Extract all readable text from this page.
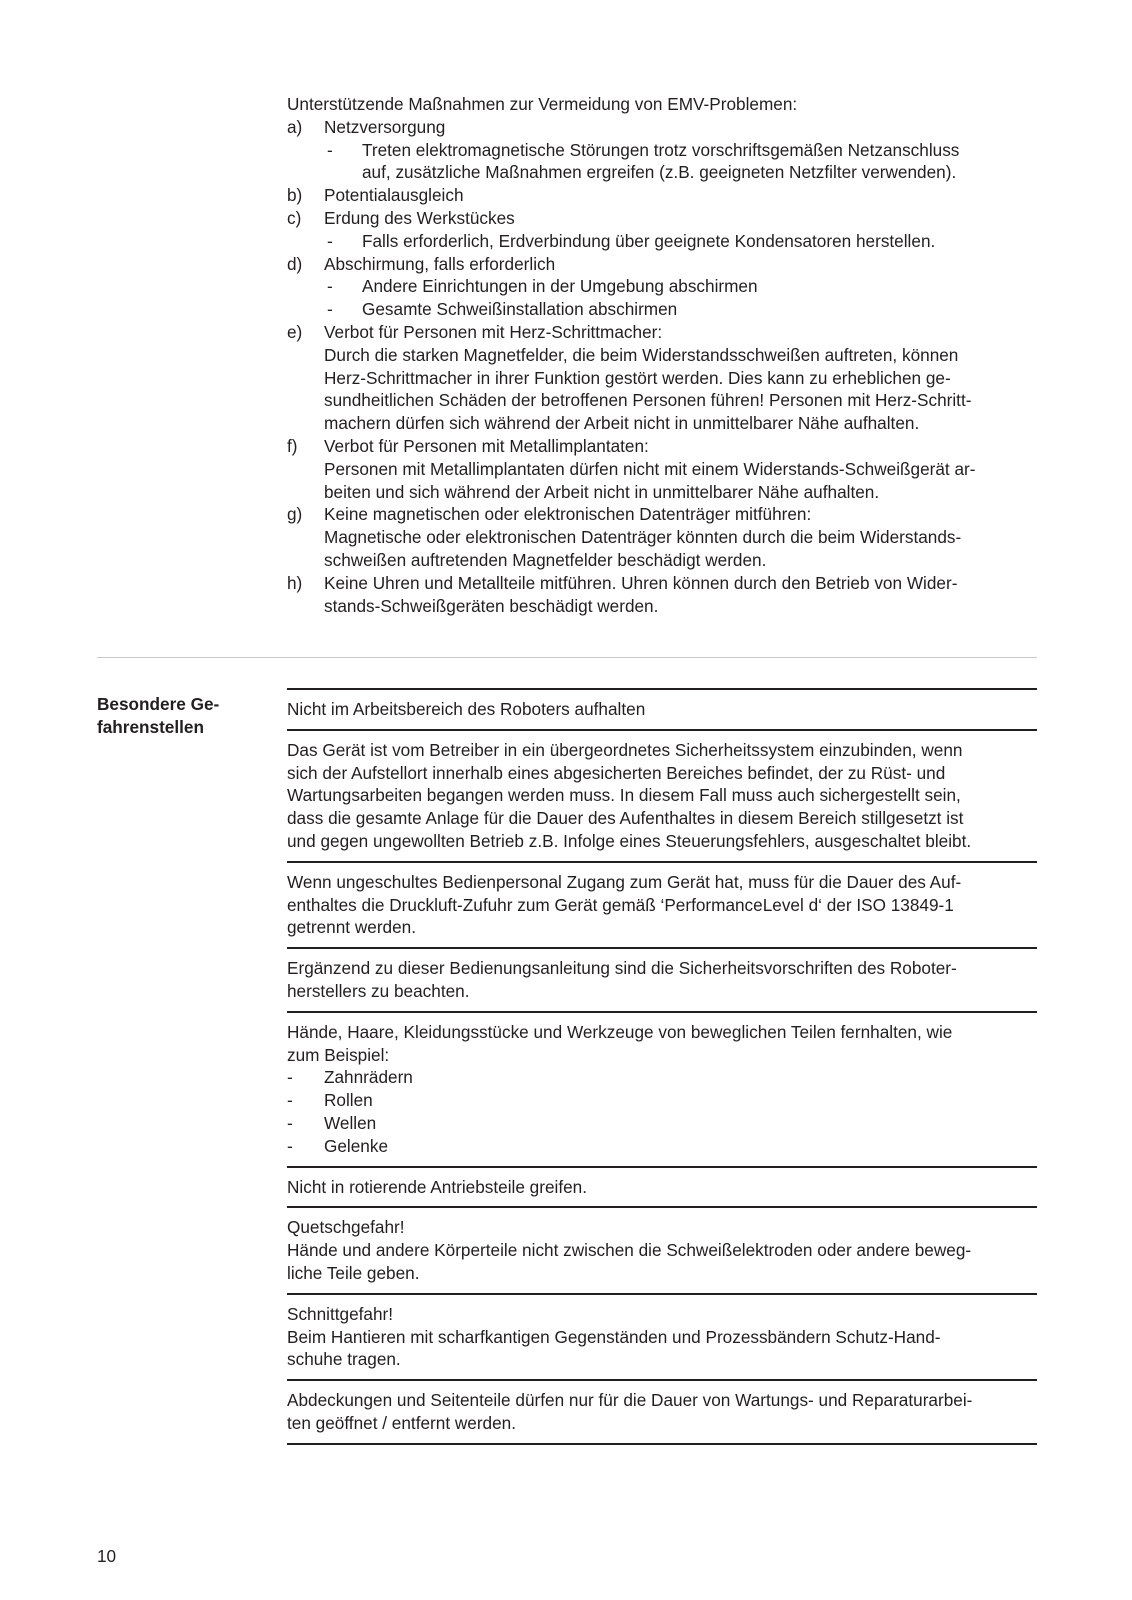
Unterstützende Maßnahmen zur Vermeidung von EMV-Problemen:
a) Netzversorgung
- Treten elektromagnetische Störungen trotz vorschriftsgemäßen Netzanschluss
auf, zusätzliche Maßnahmen ergreifen (z.B. geeigneten Netzfilter verwenden).
b) Potentialausgleich
c) Erdung des Werkstückes
- Falls erforderlich, Erdverbindung über geeignete Kondensatoren herstellen.
d) Abschirmung, falls erforderlich
- Andere Einrichtungen in der Umgebung abschirmen
- Gesamte Schweißinstallation abschirmen
e) Verbot für Personen mit Herz-Schrittmacher:
Durch die starken Magnetfelder, die beim Widerstandsschweißen auftreten, können
Herz-Schrittmacher in ihrer Funktion gestört werden. Dies kann zu erheblichen ge-
sundheitlichen Schäden der betroffenen Personen führen! Personen mit Herz-Schritt-
machern dürfen sich während der Arbeit nicht in unmittelbarer Nähe aufhalten.
f) Verbot für Personen mit Metallimplantaten:
Personen mit Metallimplantaten dürfen nicht mit einem Widerstands-Schweißgerät ar-
beiten und sich während der Arbeit nicht in unmittelbarer Nähe aufhalten.
g) Keine magnetischen oder elektronischen Datenträger mitführen:
Magnetische oder elektronischen Datenträger könnten durch die beim Widerstands-
schweißen auftretenden Magnetfelder beschädigt werden.
h) Keine Uhren und Metallteile mitführen. Uhren können durch den Betrieb von Wider-
stands-Schweißgeräten beschädigt werden.
Besondere Ge-
fahrenstellen
Nicht im Arbeitsbereich des Roboters aufhalten
Das Gerät ist vom Betreiber in ein übergeordnetes Sicherheitssystem einzubinden, wenn
sich der Aufstellort innerhalb eines abgesicherten Bereiches befindet, der zu Rüst- und
Wartungsarbeiten begangen werden muss. In diesem Fall muss auch sichergestellt sein,
dass die gesamte Anlage für die Dauer des Aufenthaltes in diesem Bereich stillgesetzt ist
und gegen ungewollten Betrieb z.B. Infolge eines Steuerungsfehlers, ausgeschaltet bleibt.
Wenn ungeschultes Bedienpersonal Zugang zum Gerät hat, muss für die Dauer des Auf-
enthaltes die Druckluft-Zufuhr zum Gerät gemäß ‘PerformanceLevel d‘ der ISO 13849-1
getrennt werden.
Ergänzend zu dieser Bedienungsanleitung sind die Sicherheitsvorschriften des Roboter-
herstellers zu beachten.
Hände, Haare, Kleidungsstücke und Werkzeuge von beweglichen Teilen fernhalten, wie
zum Beispiel:
- Zahnrädern
- Rollen
- Wellen
- Gelenke
Nicht in rotierende Antriebsteile greifen.
Quetschgefahr!
Hände und andere Körperteile nicht zwischen die Schweißelektroden oder andere beweg-
liche Teile geben.
Schnittgefahr!
Beim Hantieren mit scharfkantigen Gegenständen und Prozessbändern Schutz-Hand-
schuhe tragen.
Abdeckungen und Seitenteile dürfen nur für die Dauer von Wartungs- und Reparaturarbei-
ten geöffnet / entfernt werden.
10
